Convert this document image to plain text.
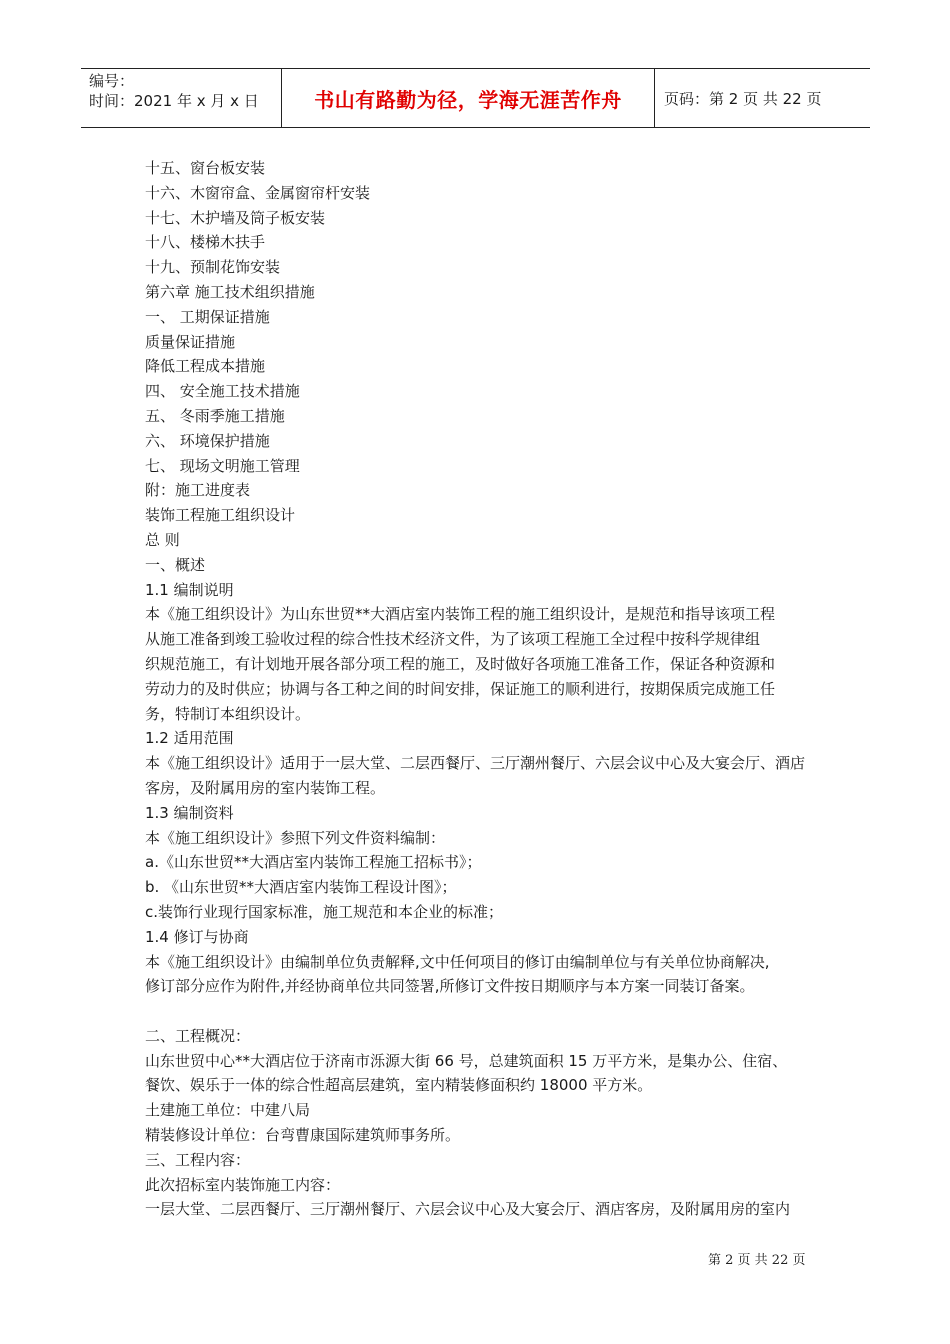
编号：
时间：2021 年 x 月 x 日	书山有路勤为径，学海无涯苦作舟	页码：第 2 页 共 22 页

十五、窗台板安装

十六、木窗帘盒、金属窗帘杆安装

十七、木护墙及筒子板安装

十八、楼梯木扶手

十九、预制花饰安装

第六章 施工技术组织措施

一、 工期保证措施

质量保证措施

降低工程成本措施

四、 安全施工技术措施

五、 冬雨季施工措施

六、 环境保护措施

七、 现场文明施工管理

附：施工进度表

装饰工程施工组织设计

总 则

一、概述

1.1 编制说明

本《施工组织设计》为山东世贸**大酒店室内装饰工程的施工组织设计，是规范和指导该项工程

从施工准备到竣工验收过程的综合性技术经济文件，为了该项工程施工全过程中按科学规律组

织规范施工，有计划地开展各部分项工程的施工，及时做好各项施工准备工作，保证各种资源和

劳动力的及时供应；协调与各工种之间的时间安排，保证施工的顺利进行，按期保质完成施工任

务，特制订本组织设计。

1.2 适用范围

本《施工组织设计》适用于一层大堂、二层西餐厅、三厅潮州餐厅、六层会议中心及大宴会厅、酒店

客房，及附属用房的室内装饰工程。

1.3 编制资料

本《施工组织设计》参照下列文件资料编制：

a.《山东世贸**大酒店室内装饰工程施工招标书》；

b. 《山东世贸**大酒店室内装饰工程设计图》；

c.装饰行业现行国家标准，施工规范和本企业的标准；

1.4 修订与协商

本《施工组织设计》由编制单位负责解释,文中任何项目的修订由编制单位与有关单位协商解决,

修订部分应作为附件,并经协商单位共同签署,所修订文件按日期顺序与本方案一同装订备案。

二、工程概况：

山东世贸中心**大酒店位于济南市泺源大街 66 号，总建筑面积 15 万平方米，是集办公、住宿、

餐饮、娱乐于一体的综合性超高层建筑，室内精装修面积约 18000 平方米。

土建施工单位：中建八局

精装修设计单位：台弯曹康国际建筑师事务所。

三、工程内容：

此次招标室内装饰施工内容：

一层大堂、二层西餐厅、三厅潮州餐厅、六层会议中心及大宴会厅、酒店客房，及附属用房的室内

第 2 页 共 22 页
